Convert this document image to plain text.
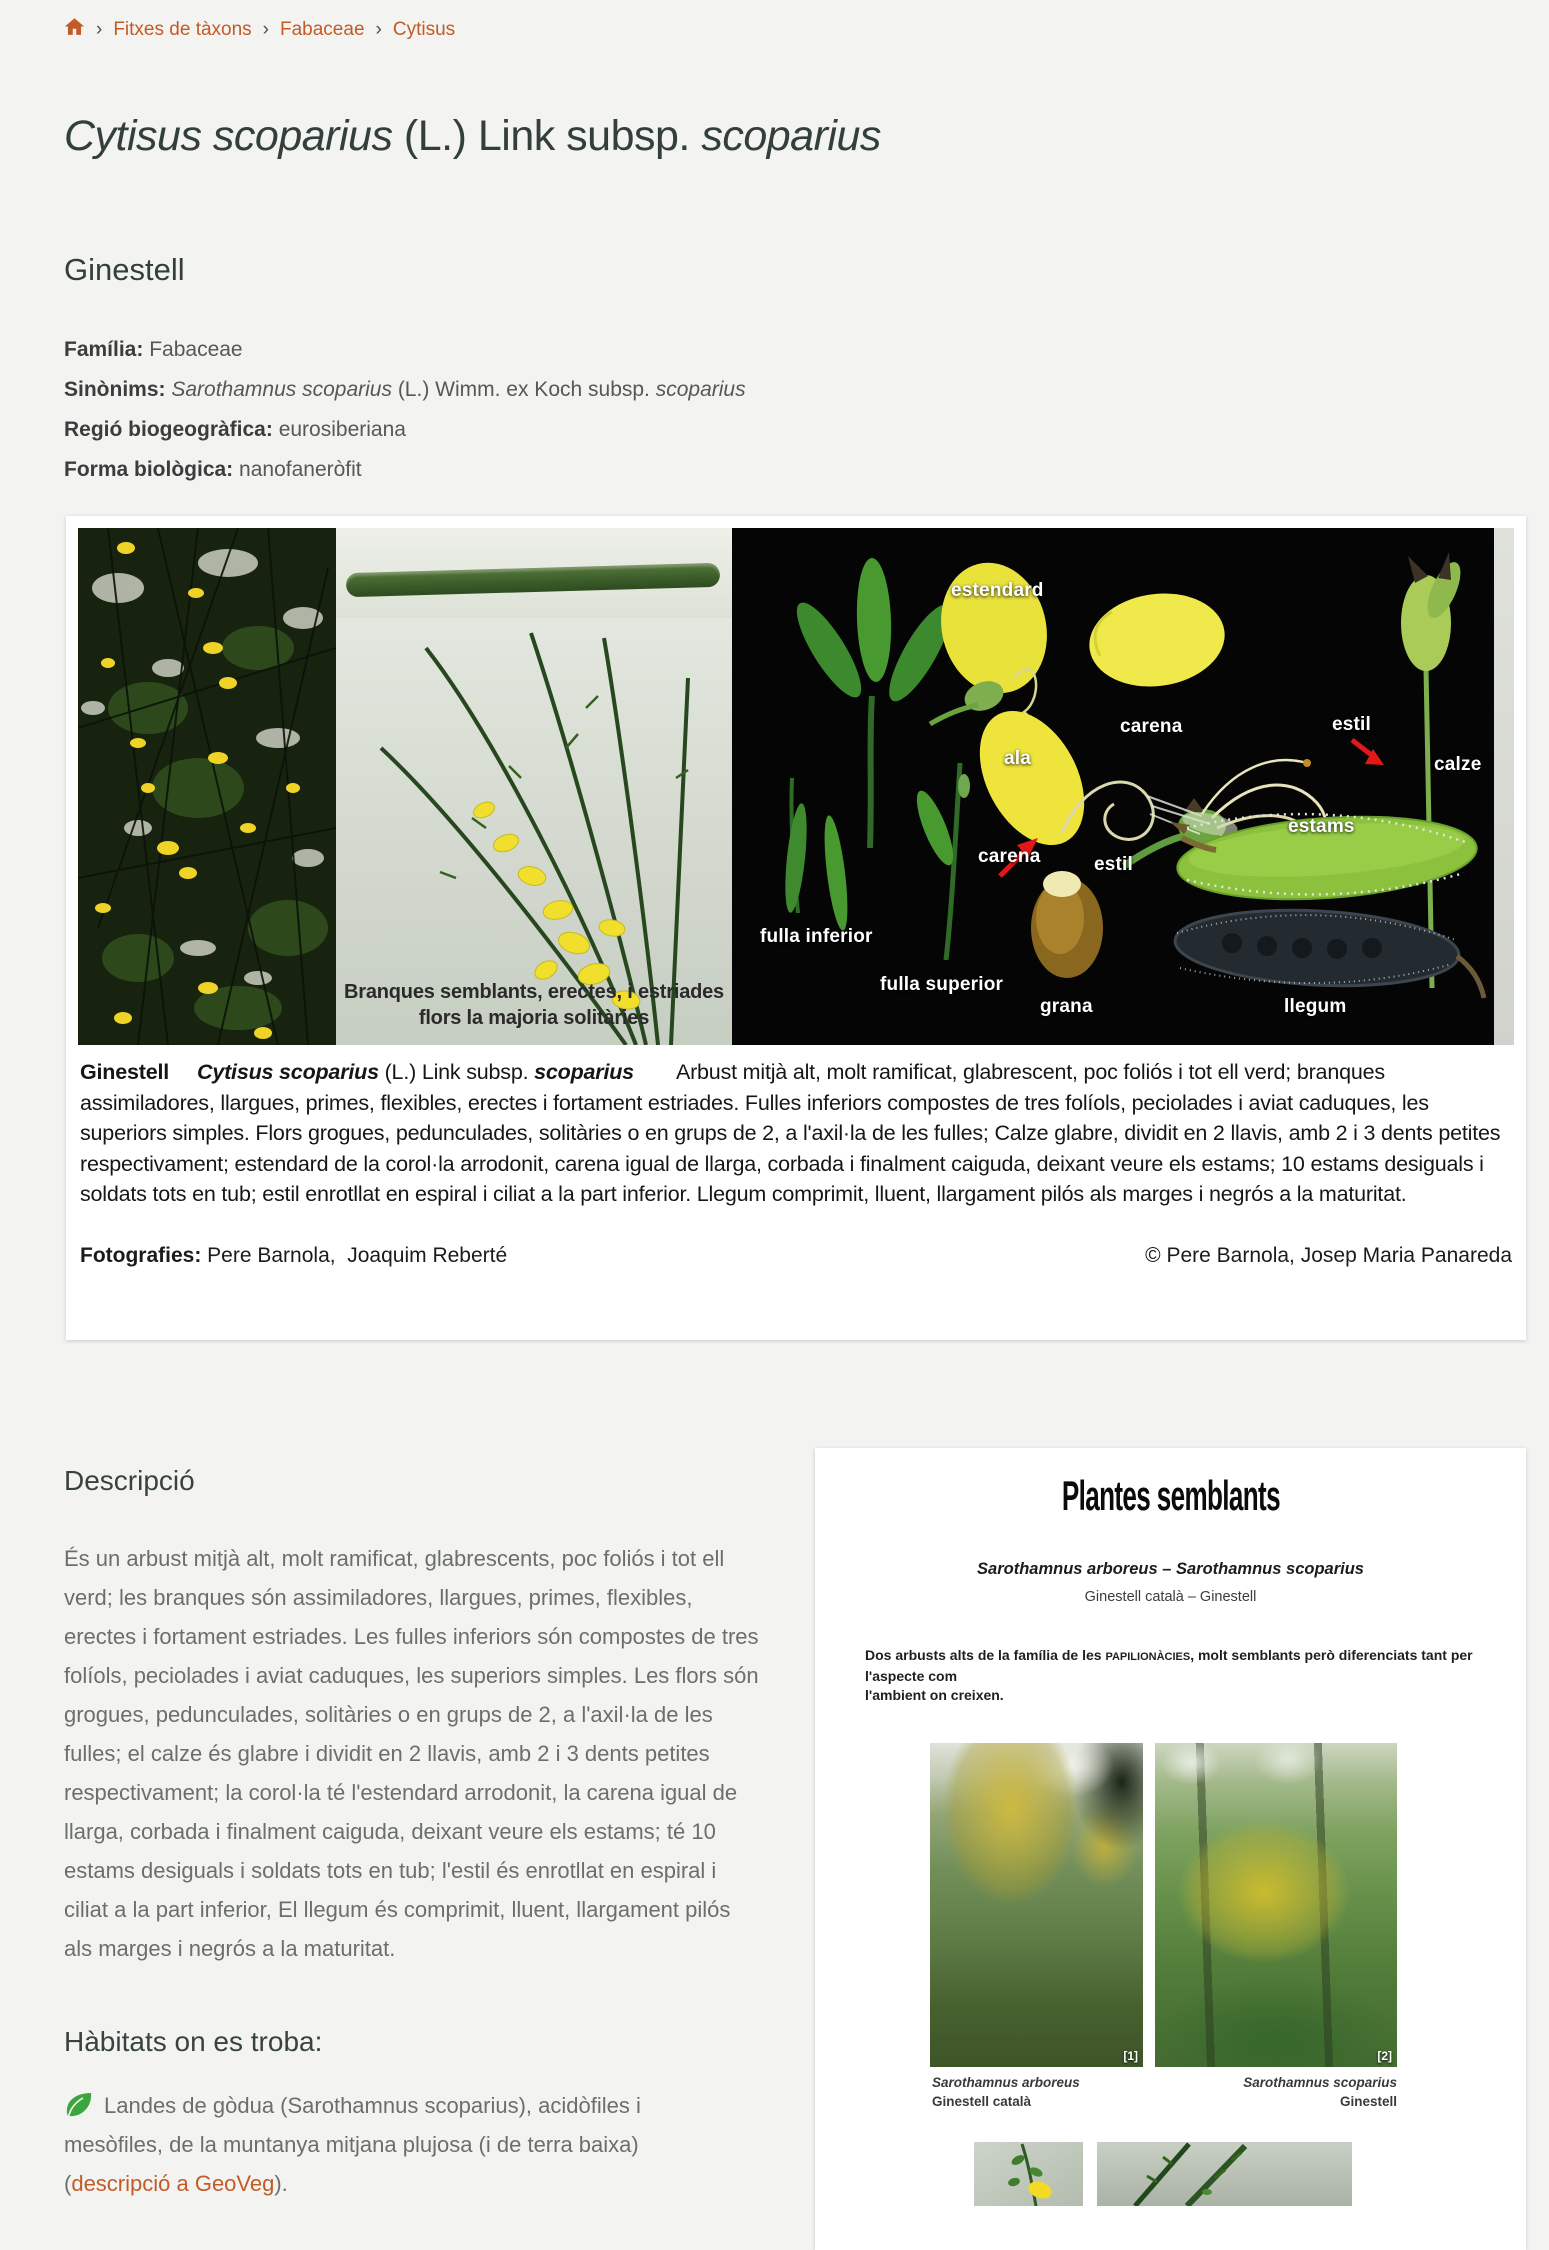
› Fitxes de tàxons › Fabaceae › Cytisus
Cytisus scoparius (L.) Link subsp. scoparius
Ginestell
Família: Fabaceae
Sinònims: Sarothamnus scoparius (L.) Wimm. ex Koch subsp. scoparius
Regió biogeogràfica: eurosiberiana
Forma biològica: nanofaneròfit
Branques semblants, erectes, i estriades
flors la majoria solitàries
estendard
carena
ala
carena
estil
estams
calze
estil
fulla inferior
fulla superior
grana	llegum

Ginestell Cytisus scoparius (L.) Link subsp. scoparius Arbust mitjà alt, molt ramificat, glabrescent, poc foliós i tot ell verd; branques assimiladores, llargues, primes, flexibles, erectes i fortament estriades. Fulles inferiors compostes de tres folíols, peciolades i aviat caduques, les superiors simples. Flors grogues, pedunculades, solitàries o en grups de 2, a l'axil·la de les fulles; Calze glabre, dividit en 2 llavis, amb 2 i 3 dents petites respectivament; estendard de la corol·la arrodonit, carena igual de llarga, corbada i finalment caiguda, deixant veure els estams; 10 estams desiguals i soldats tots en tub; estil enrotllat en espiral i ciliat a la part inferior. Llegum comprimit, lluent, llargament pilós als marges i negrós a la maturitat.

Fotografies: Pere Barnola,  Joaquim Reberté	© Pere Barnola, Josep Maria Panareda
Descripció

És un arbust mitjà alt, molt ramificat, glabrescents, poc foliós i tot ell verd; les branques són assimiladores, llargues, primes, flexibles, erectes i fortament estriades. Les fulles inferiors són compostes de tres folíols, peciolades i aviat caduques, les superiors simples. Les flors són grogues, pedunculades, solitàries o en grups de 2, a l'axil·la de les fulles; el calze és glabre i dividit en 2 llavis, amb 2 i 3 dents petites respectivament; la corol·la té l'estendard arrodonit, la carena igual de llarga, corbada i finalment caiguda, deixant veure els estams; té 10 estams desiguals i soldats tots en tub; l'estil és enrotllat en espiral i ciliat a la part inferior, El llegum és comprimit, lluent, llargament pilós als marges i negrós a la maturitat.

Hàbitats on es troba:
Landes de gòdua (Sarothamnus scoparius), acidòfiles i
mesòfiles, de la muntanya mitjana plujosa (i de terra baixa)
(descripció a GeoVeg).
Plantes semblants
Sarothamnus arboreus – Sarothamnus scoparius
Ginestell català – Ginestell

Dos arbusts alts de la família de les PAPILIONÀCIES, molt semblants però diferenciats tant per l'aspecte com
l'ambient on creixen.

[1]	[2]
Sarothamnus arboreus
Ginestell català
Sarothamnus scoparius
Ginestell
